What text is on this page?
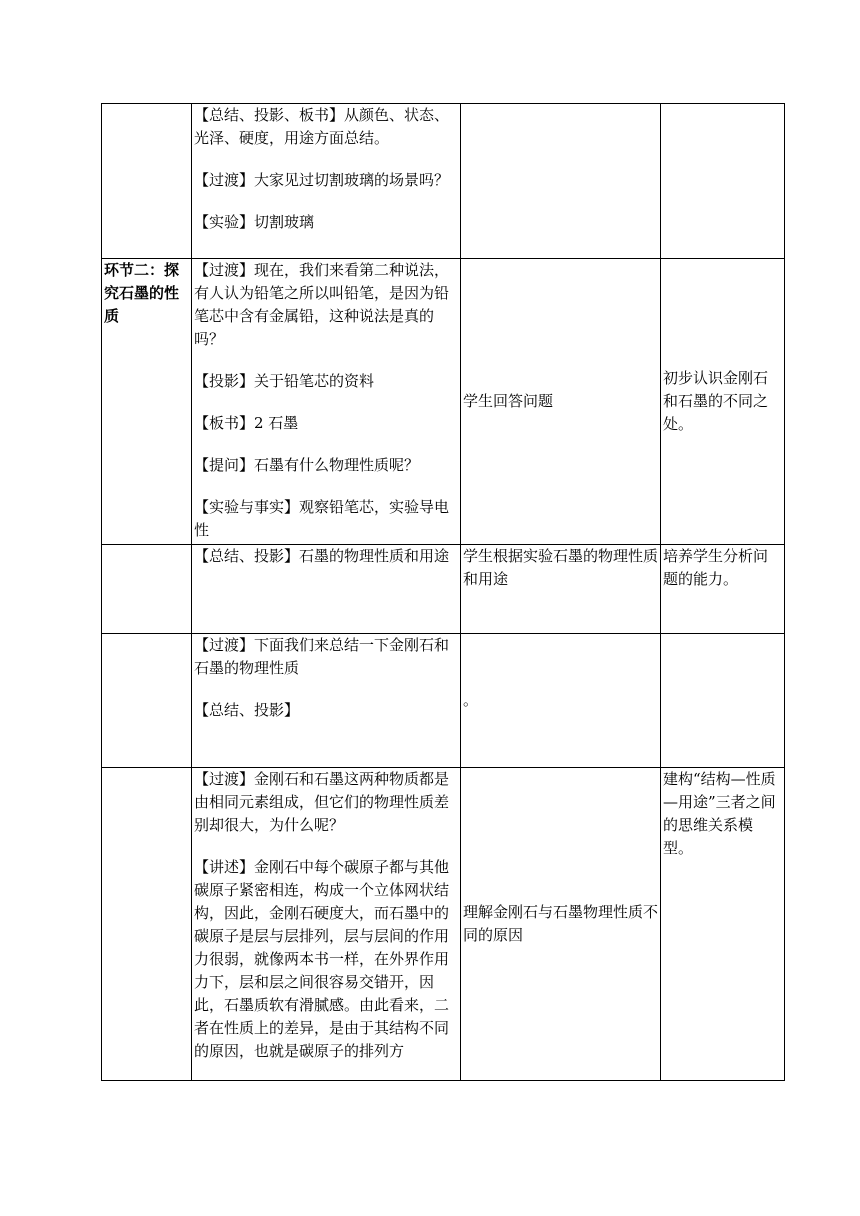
	【总结、投影、板书】从颜色、状态、光泽、硬度，用途方面总结。

【过渡】大家见过切割玻璃的场景吗？

【实验】切割玻璃		

环节二：探究石墨的性质	【过渡】现在，我们来看第二种说法，有人认为铅笔之所以叫铅笔，是因为铅笔芯中含有金属铅，这种说法是真的吗？

【投影】关于铅笔芯的资料

【板书】2 石墨

【提问】石墨有什么物理性质呢？

【实验与事实】观察铅笔芯，实验导电性	学生回答问题	初步认识金刚石和石墨的不同之处。

	【总结、投影】石墨的物理性质和用途	学生根据实验石墨的物理性质和用途	培养学生分析问题的能力。

	【过渡】下面我们来总结一下金刚石和石墨的物理性质

【总结、投影】	。	

	【过渡】金刚石和石墨这两种物质都是由相同元素组成，但它们的物理性质差别却很大，为什么呢？

【讲述】金刚石中每个碳原子都与其他碳原子紧密相连，构成一个立体网状结构，因此，金刚石硬度大，而石墨中的碳原子是层与层排列，层与层间的作用力很弱，就像两本书一样，在外界作用力下，层和层之间很容易交错开，因此，石墨质软有滑腻感。由此看来，二者在性质上的差异，是由于其结构不同的原因，也就是碳原子的排列方	理解金刚石与石墨物理性质不同的原因	建构“结构—性质—用途”三者之间的思维关系模型。
